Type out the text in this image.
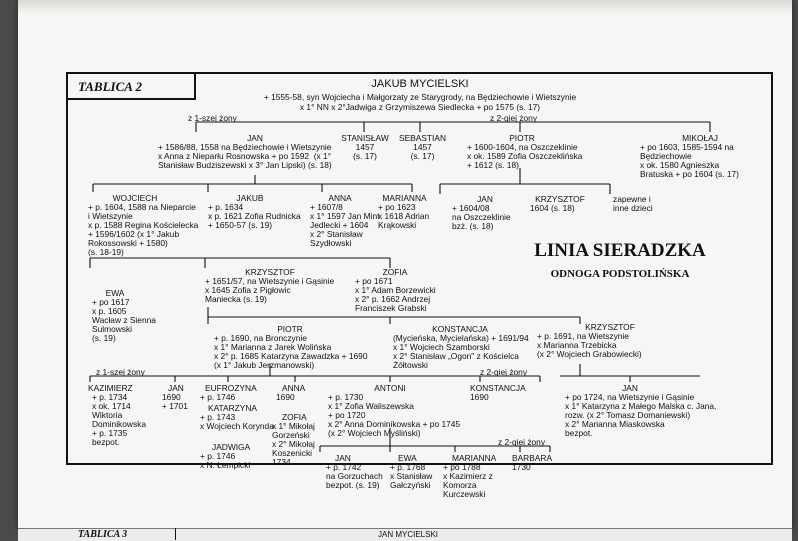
TABLICA 2	JAKUB MYCIELSKI
+ 1555-58, syn Wojciecha i Małgorzaty ze Starygrody, na Będziechowie i Wietszynie
x 1° NN x 2°Jadwiga z Grzymiszewa Siedlecka + po 1575 (s. 17)
z 1-szej żony	z 2-giej żony
JAN
+ 1586/88, 1558 na Będziechowie i Wietszynie
x Anna z Nieparłu Rosnowska + po 1592  (x 1°
Stanisław Budziszewski x 3° Jan Lipski) (s. 18)
STANISŁAW
1457
(s. 17)
SEBASTIAN
1457
(s. 17)
PIOTR
+ 1600-1604, na Oszczeklinie
x ok. 1589 Zofia Oszczeklińska
+ 1612 (s. 18)
MIKOŁAJ
+ po 1603, 1585-1594 na
Będziechowie
x ok. 1580 Agnieszka
Bratuska + po 1604 (s. 17)
WOJCIECH
+ p. 1604, 1588 na Nieparcie
i Wietszynie
x p. 1588 Regina Kościelecka
+ 1596/1602 (x 1° Jakub
Rokossowski + 1580)
(s. 18-19)
JAKUB
+ p. 1634
x p. 1621 Zofia Rudnicka
+ 1650-57 (s. 19)
ANNA
+ 1607/8
x 1° 1597 Jan Mint
Jedlecki + 1604
x 2° Stanisław
Szydłowski
MARIANNA
+ po 1623
x 1618 Adrian
Krąkowski
JAN
+ 1604/08
na Oszczeklinie
bzż. (s. 18)
KRZYSZTOF
1604 (s. 18)
zapewne i
inne dzieci
LINIA SIERADZKA
ODNOGA PODSTOLIŃSKA
EWA
+ po 1617
x p. 1605
Wacław z Sienna
Sulmowski
(s. 19)
KRZYSZTOF
+ 1651/57, na Wietszynie i Gąsinie
x 1645 Zofia z Pigłowic
Maniecka (s. 19)
ZOFIA
+ po 1671
x 1° Adam Borzewicki
x 2° p. 1662 Andrzej
Franciszek Grabski
PIOTR
+ p. 1690, na Bronczynie
x 1° Marianna z Jarek Wolińska
x 2° p. 1685 Katarzyna Zawadzka + 1690
(x 1° Jakub Jerzmanowski)
KONSTANCJA
(Mycieńska, Mycielańska) + 1691/94
x 1° Wojciech Szamborski
x 2° Stanisław „Ogon" z Kościelca
Żółtowski
KRZYSZTOF
+ p. 1691, na Wietszynie
x Marianna Trzebicka
(x 2° Wojciech Grabowiecki)
z 1-szej żony	z 2-giej żony
KAZIMIERZ
+ p. 1734
x ok. 1714
Wiktoria
Dominikowska
+ p. 1735
bezpot.
JAN
1690
+ 1701
EUFROZYNA
+ p. 1746
KATARZYNA
+ p. 1743
x Wojciech Korynda
JADWIGA
+ p. 1746
x N. Łempicki
ANNA
1690
ZOFIA
x 1° Mikołaj
Gorzeński
x 2° Mikołaj
Koszenicki
1734
ANTONI
+ p. 1730
x 1° Zofia Waliszewska
+ po 1720
x 2° Anna Dominikowska + po 1745
(x 2° Wojciech Myśliński)
KONSTANCJA
1690
JAN
+ po 1724, na Wietszynie i Gąsinie
x 1° Katarzyna z Małego Malska c. Jana,
rozw. (x 2° Tomasz Domaniewski)
x 2° Marianna Miaskowska
bezpot.
z 2-giej żony
JAN
+ p. 1742
na Gorzuchach
bezpot. (s. 19)
EWA
+ p. 1768
x Stanisław
Gałczyński
MARIANNA
+ po 1788
x Kazimierz z
Komorza
Kurczewski
BARBARA
1730
TABLICA 3	JAN MYCIELSKI
